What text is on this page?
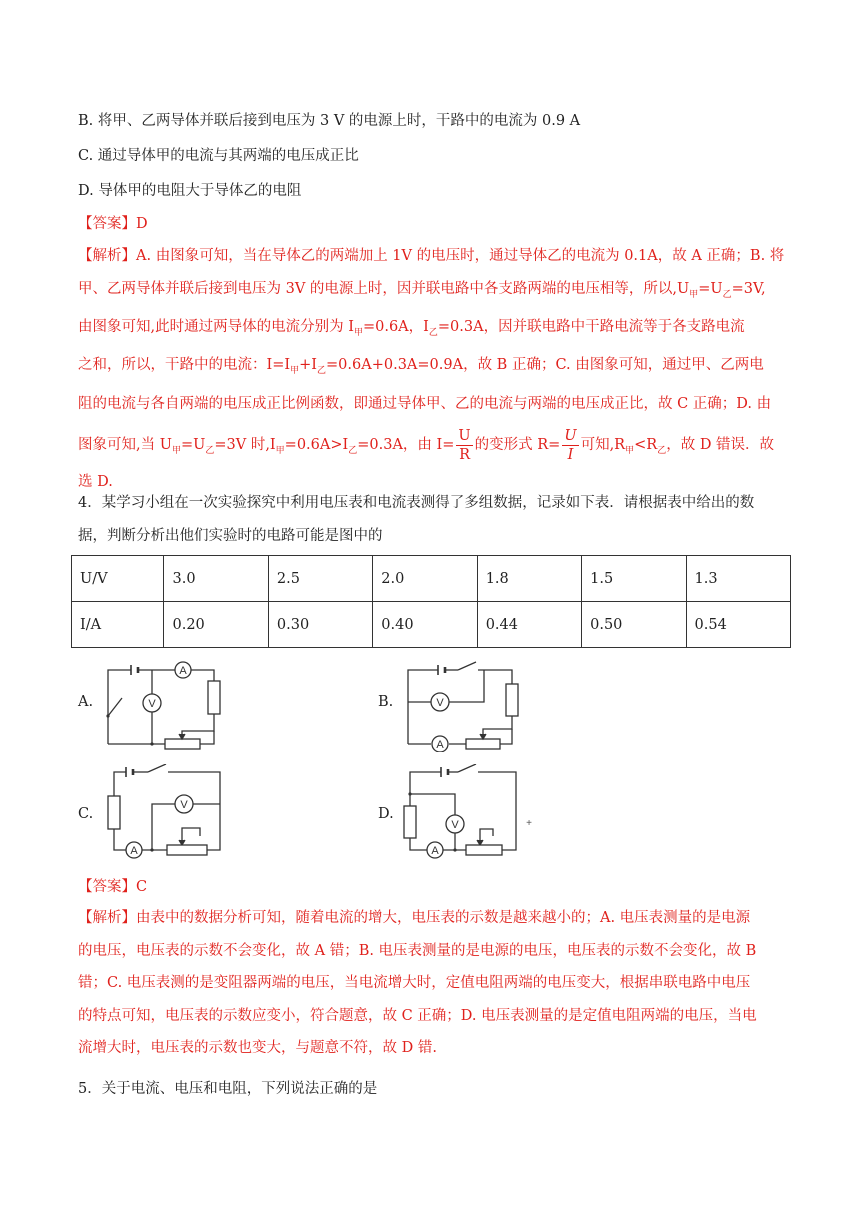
B. 将甲、乙两导体并联后接到电压为 3 V 的电源上时，干路中的电流为 0.9 A
C. 通过导体甲的电流与其两端的电压成正比
D. 导体甲的电阻大于导体乙的电阻
【答案】D
【解析】A. 由图象可知，当在导体乙的两端加上 1V 的电压时，通过导体乙的电流为 0.1A，故 A 正确；B. 将
甲、乙两导体并联后接到电压为 3V 的电源上时，因并联电路中各支路两端的电压相等，所以$,U_甲=U_乙=3V$,
由图象可知,此时通过两导体的电流分别为 $I_甲=0.6A$，$I_乙=0.3A$，因并联电路中干路电流等于各支路电流
之和，所以，干路中的电流：$I=I_甲+I_乙=0.6A+0.3A=0.9A$，故 B 正确；C. 由图象可知，通过甲、乙两电
阻的电流与各自两端的电压成正比例函数，即通过导体甲、乙的电流与两端的电压成正比，故 C 正确；D. 由
图象可知,当 $U_甲=U_乙=3V$ 时$,I_甲=0.6A>I_乙=0.3A$，由 $I= \frac{U}{R}$ 的变形式 $R= \frac{U}{I}$ 可知$,R_甲<R_乙$，故 D 错误．故
选 D.
4．某学习小组在一次实验探究中利用电压表和电流表测得了多组数据，记录如下表．请根据表中给出的数
据，判断分析出他们实验时的电路可能是图中的
U/V	3.0	2.5	2.0	1.8	1.5	1.3
I/A	0.20	0.30	0.40	0.44	0.50	0.54
A.	B.
C.	D.
A
V	V
A
A
V
A
V	+
【答案】C
【解析】由表中的数据分析可知，随着电流的增大，电压表的示数是越来越小的；A. 电压表测量的是电源
的电压，电压表的示数不会变化，故 A 错；B. 电压表测量的是电源的电压，电压表的示数不会变化，故 B
错；C. 电压表测的是变阻器两端的电压，当电流增大时，定值电阻两端的电压变大，根据串联电路中电压
的特点可知，电压表的示数应变小，符合题意，故 C 正确；D. 电压表测量的是定值电阻两端的电压，当电
流增大时，电压表的示数也变大，与题意不符，故 D 错.
5．关于电流、电压和电阻，下列说法正确的是
